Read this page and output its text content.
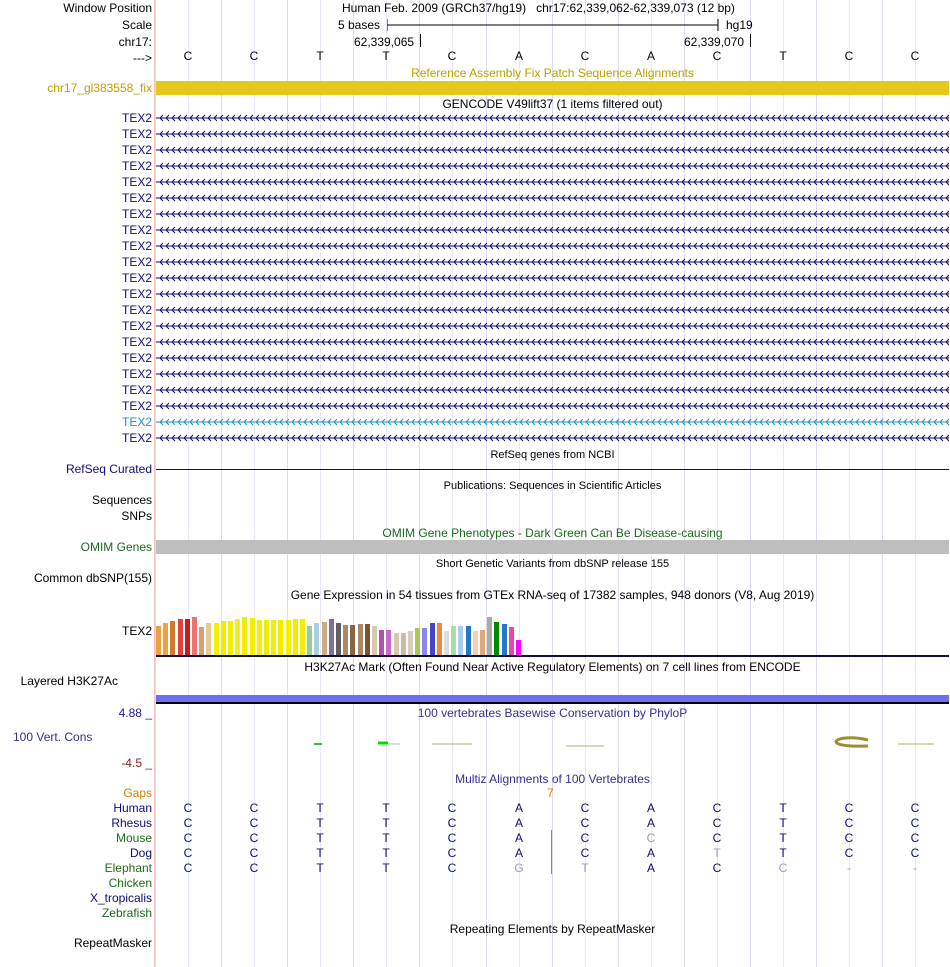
Window Position
Scale
chr17:
--->
Human Feb. 2009 (GRCh37/hg19)   chr17:62,339,062-62,339,073 (12 bp)
5 bases	hg19
62,339,065	62,339,070
C	C	T	T	C	A	C	A	C	T	C	C
Reference Assembly Fix Patch Sequence Alignments
chr17_gl383558_fix
GENCODE V49lift37 (1 items filtered out)
TEX2
TEX2
TEX2
TEX2
TEX2
TEX2
TEX2
TEX2
TEX2
TEX2
TEX2
TEX2
TEX2
TEX2
TEX2
TEX2
TEX2
TEX2
TEX2
TEX2
TEX2
RefSeq genes from NCBI
RefSeq Curated
Publications: Sequences in Scientific Articles
Sequences
SNPs
OMIM Gene Phenotypes - Dark Green Can Be Disease-causing
OMIM Genes
Short Genetic Variants from dbSNP release 155
Common dbSNP(155)
Gene Expression in 54 tissues from GTEx RNA-seq of 17382 samples, 948 donors (V8, Aug 2019)
TEX2
H3K27Ac Mark (Often Found Near Active Regulatory Elements) on 7 cell lines from ENCODE
Layered H3K27Ac
100 vertebrates Basewise Conservation by PhyloP
4.88 _
100 Vert. Cons
-4.5 _
Multiz Alignments of 100 Vertebrates
Gaps	7
Human	C	C	T	T	C	A	C	A	C	T	C	C
Rhesus	C	C	T	T	C	A	C	A	C	T	C	C
Mouse	C	C	T	T	C	A	C	C	C	T	C	C
Dog	C	C	T	T	C	A	C	A	T	T	C	C
Elephant	C	C	T	T	C	G	T	A	C	C	-	-
Chicken
X_tropicalis
Zebrafish
Repeating Elements by RepeatMasker
RepeatMasker
